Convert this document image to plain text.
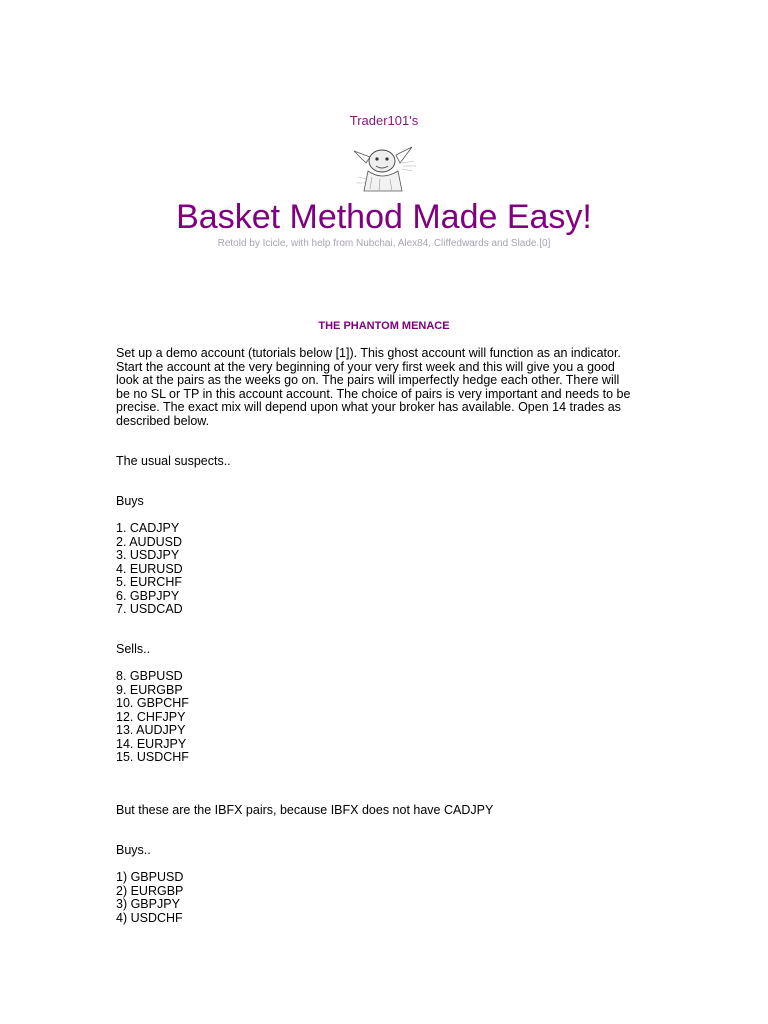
Trader101's
Basket Method Made Easy!
Retold by Icicle, with help from Nubchai, Alex84, Cliffedwards and Slade.[0]
THE PHANTOM MENACE
Set up a demo account (tutorials below [1]). This ghost account will function as an indicator.
Start the account at the very beginning of your very first week and this will give you a good
look at the pairs as the weeks go on. The pairs will imperfectly hedge each other. There will
be no SL or TP in this account account. The choice of pairs is very important and needs to be
precise. The exact mix will depend upon what your broker has available. Open 14 trades as
described below.
The usual suspects..
Buys
1. CADJPY
2. AUDUSD
3. USDJPY
4. EURUSD
5. EURCHF
6. GBPJPY
7. USDCAD
Sells..
8. GBPUSD
9. EURGBP
10. GBPCHF
12. CHFJPY
13. AUDJPY
14. EURJPY
15. USDCHF
But these are the IBFX pairs, because IBFX does not have CADJPY
Buys..
1) GBPUSD
2) EURGBP
3) GBPJPY
4) USDCHF
